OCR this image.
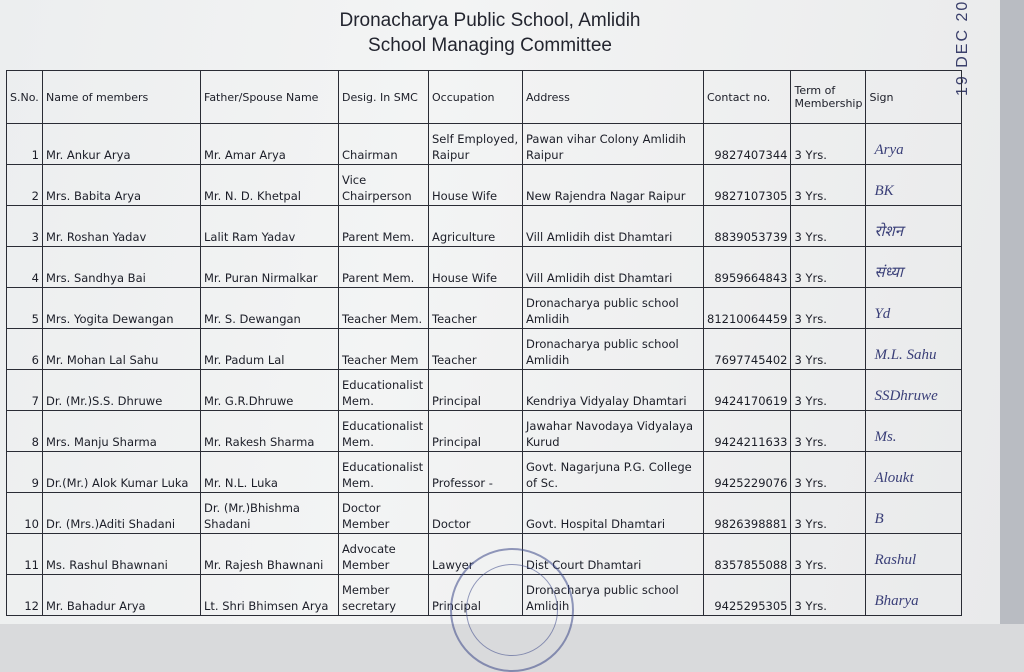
Dronacharya Public School, Amlidih
School Managing Committee	19 DEC 20
S.No.	Name of members	Father/Spouse Name	Desig. In SMC	Occupation	Address	Contact no.	Term of Membership	Sign
1	Mr. Ankur Arya	Mr. Amar Arya	Chairman	Self Employed, Raipur	Pawan vihar Colony Amlidih Raipur	9827407344	3 Yrs.	Arya

2	Mrs. Babita Arya	Mr. N. D. Khetpal	Vice Chairperson	House Wife	New Rajendra Nagar Raipur	9827107305	3 Yrs.	BK

3	Mr. Roshan Yadav	Lalit Ram Yadav	Parent Mem.	Agriculture	Vill Amlidih dist Dhamtari	8839053739	3 Yrs.	रोशन

4	Mrs. Sandhya Bai	Mr. Puran Nirmalkar	Parent Mem.	House Wife	Vill Amlidih dist Dhamtari	8959664843	3 Yrs.	संध्या

5	Mrs. Yogita Dewangan	Mr. S. Dewangan	Teacher Mem.	Teacher	Dronacharya public school Amlidih	81210064459	3 Yrs.	Yd

6	Mr. Mohan Lal Sahu	Mr. Padum Lal	Teacher Mem	Teacher	Dronacharya public school Amlidih	7697745402	3 Yrs.	M.L. Sahu

7	Dr. (Mr.)S.S. Dhruwe	Mr. G.R.Dhruwe	Educationalist Mem.	Principal	Kendriya Vidyalay Dhamtari	9424170619	3 Yrs.	SSDhruwe

8	Mrs. Manju Sharma	Mr. Rakesh Sharma	Educationalist Mem.	Principal	Jawahar Navodaya Vidyalaya Kurud	9424211633	3 Yrs.	Ms.

9	Dr.(Mr.) Alok Kumar Luka	Mr. N.L. Luka	Educationalist Mem.	Professor -	Govt. Nagarjuna P.G. College of Sc.	9425229076	3 Yrs.	Aloukt

10	Dr. (Mrs.)Aditi Shadani	Dr. (Mr.)Bhishma Shadani	Doctor Member	Doctor	Govt. Hospital Dhamtari	9826398881	3 Yrs.	B

11	Ms. Rashul Bhawnani	Mr. Rajesh Bhawnani	Advocate Member	Lawyer	Dist Court Dhamtari	8357855088	3 Yrs.	Rashul

12	Mr. Bahadur Arya	Lt. Shri Bhimsen Arya	Member secretary	Principal	Dronacharya public school Amlidih	9425295305	3 Yrs.	Bharya
